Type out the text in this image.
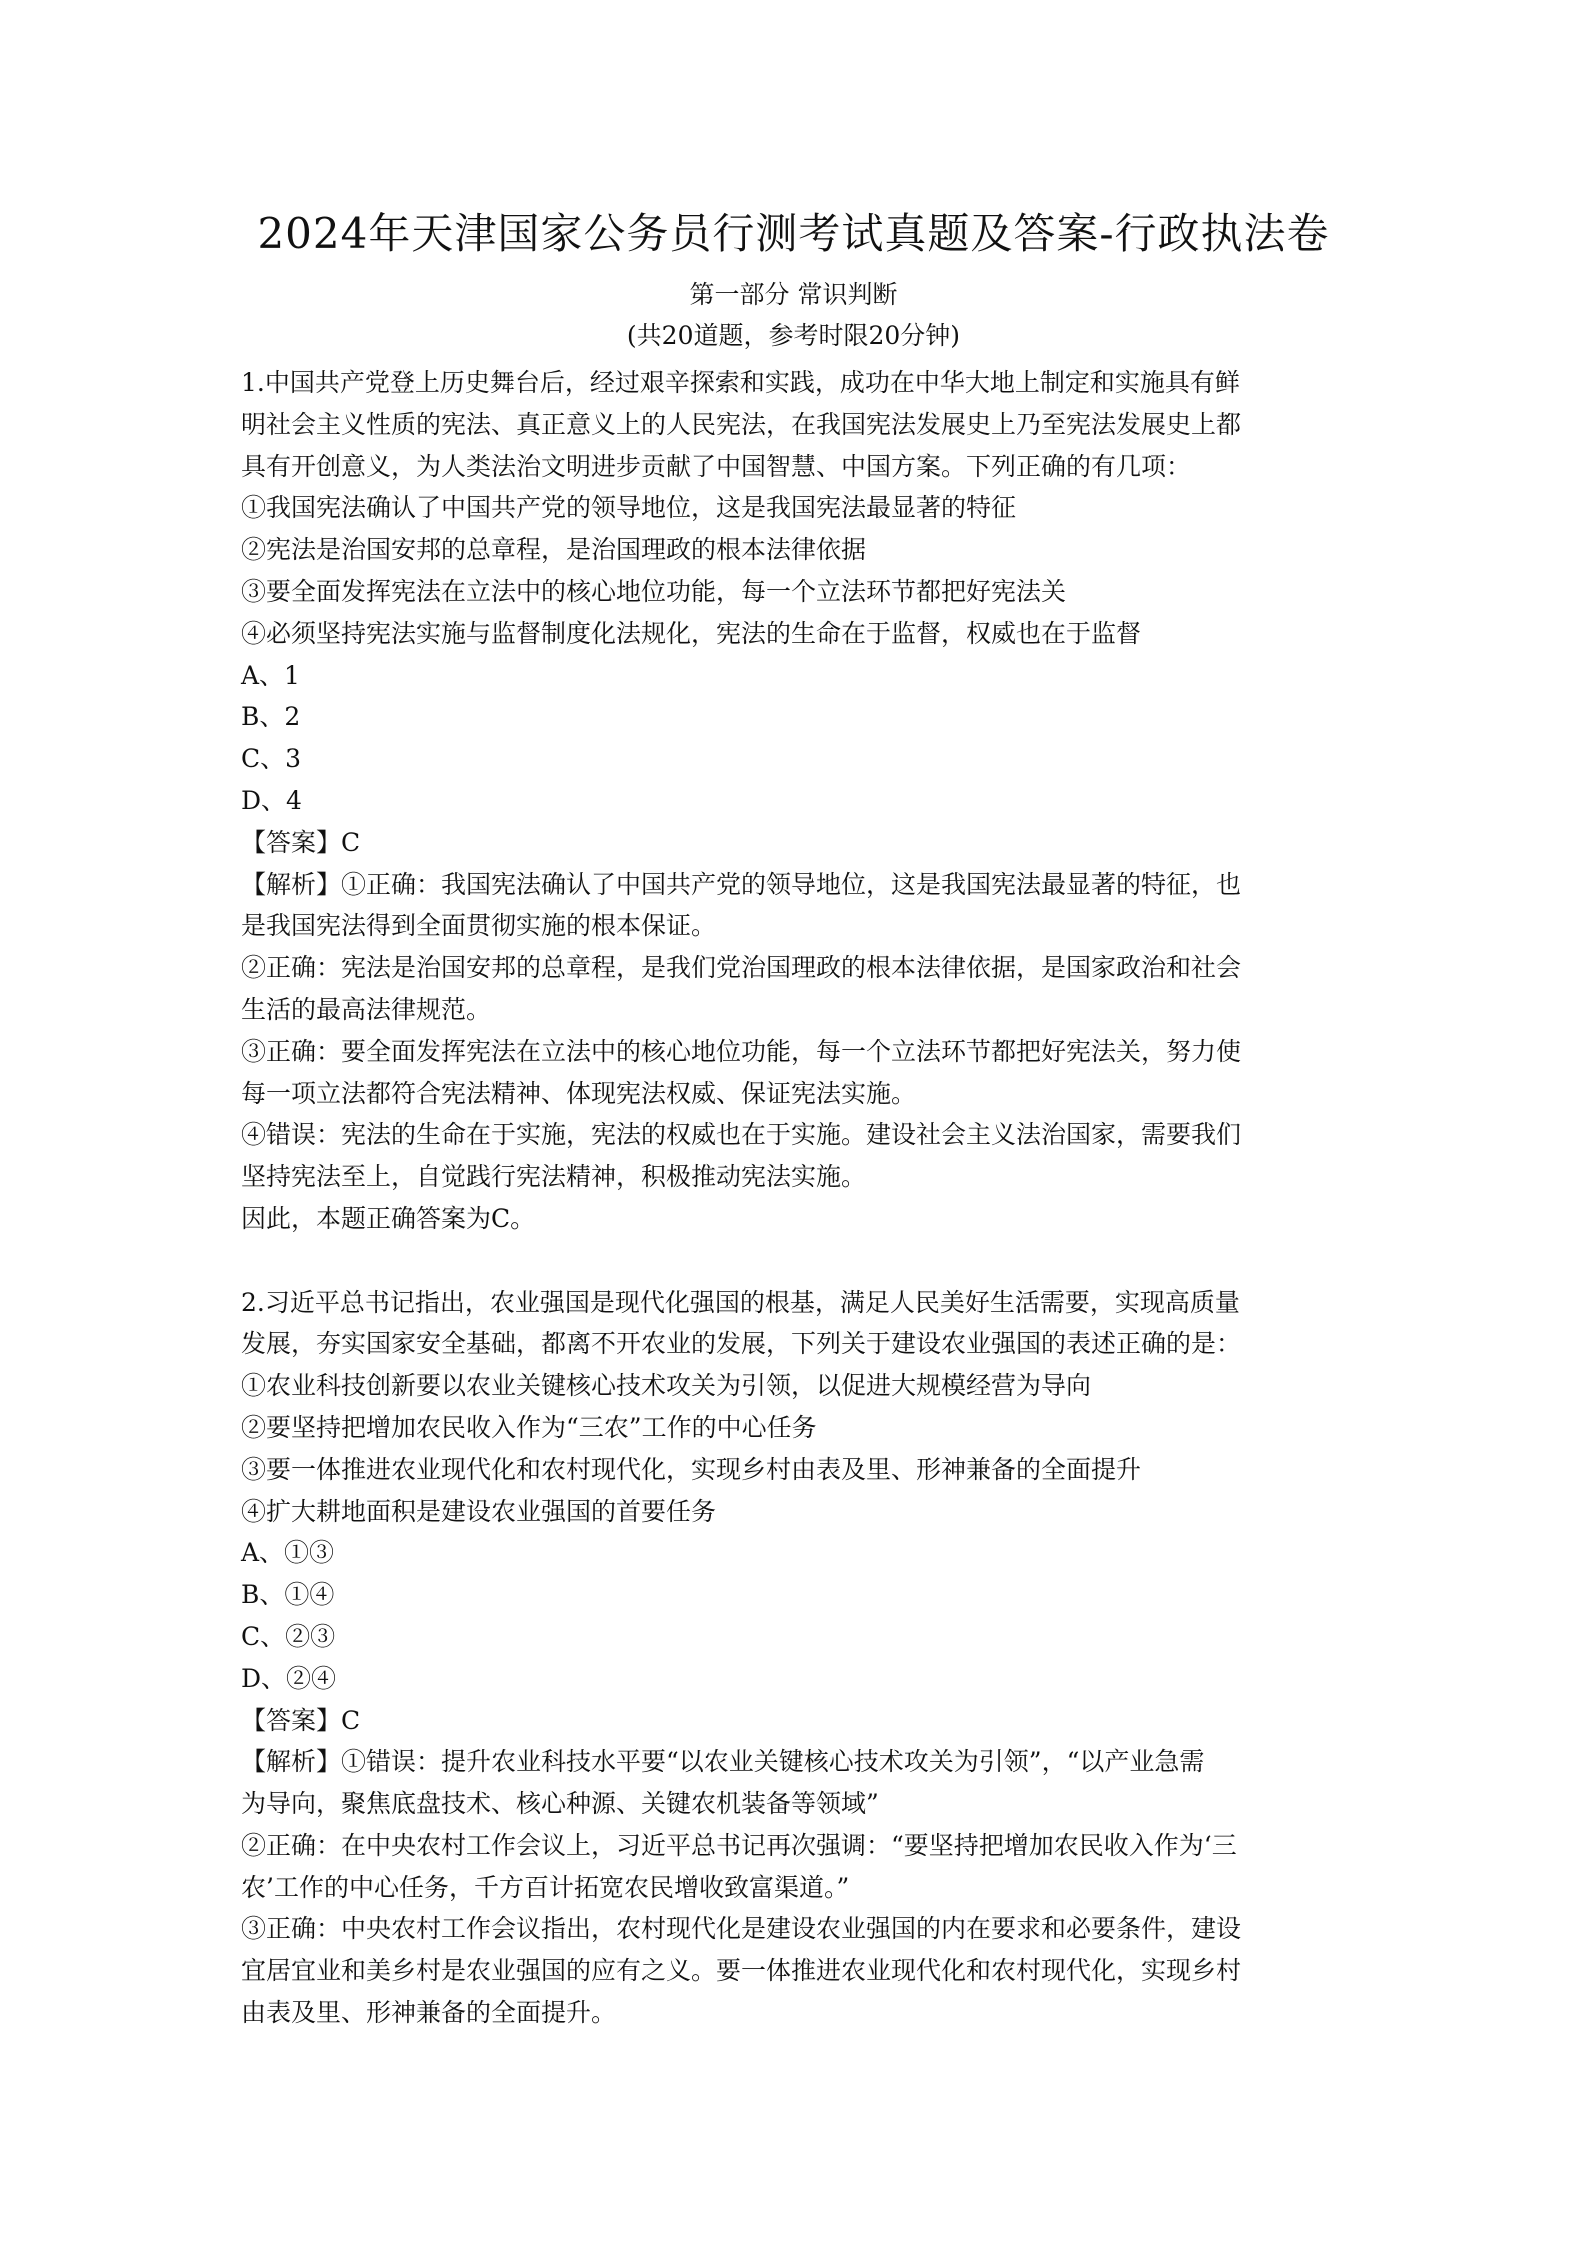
2024年天津国家公务员行测考试真题及答案-行政执法卷
第一部分 常识判断
(共20道题，参考时限20分钟)
1.中国共产党登上历史舞台后，经过艰辛探索和实践，成功在中华大地上制定和实施具有鲜
明社会主义性质的宪法、真正意义上的人民宪法，在我国宪法发展史上乃至宪法发展史上都
具有开创意义，为人类法治文明进步贡献了中国智慧、中国方案。下列正确的有几项：
①我国宪法确认了中国共产党的领导地位，这是我国宪法最显著的特征
②宪法是治国安邦的总章程，是治国理政的根本法律依据
③要全面发挥宪法在立法中的核心地位功能，每一个立法环节都把好宪法关
④必须坚持宪法实施与监督制度化法规化，宪法的生命在于监督，权威也在于监督
A、1
B、2
C、3
D、4
【答案】C
【解析】①正确：我国宪法确认了中国共产党的领导地位，这是我国宪法最显著的特征，也
是我国宪法得到全面贯彻实施的根本保证。
②正确：宪法是治国安邦的总章程，是我们党治国理政的根本法律依据，是国家政治和社会
生活的最高法律规范。
③正确：要全面发挥宪法在立法中的核心地位功能，每一个立法环节都把好宪法关，努力使
每一项立法都符合宪法精神、体现宪法权威、保证宪法实施。
④错误：宪法的生命在于实施，宪法的权威也在于实施。建设社会主义法治国家，需要我们
坚持宪法至上，自觉践行宪法精神，积极推动宪法实施。
因此，本题正确答案为C。
2.习近平总书记指出，农业强国是现代化强国的根基，满足人民美好生活需要，实现高质量
发展，夯实国家安全基础，都离不开农业的发展，下列关于建设农业强国的表述正确的是：
①农业科技创新要以农业关键核心技术攻关为引领，以促进大规模经营为导向
②要坚持把增加农民收入作为“三农”工作的中心任务
③要一体推进农业现代化和农村现代化，实现乡村由表及里、形神兼备的全面提升
④扩大耕地面积是建设农业强国的首要任务
A、①③
B、①④
C、②③
D、②④
【答案】C
【解析】①错误：提升农业科技水平要“以农业关键核心技术攻关为引领”，“以产业急需
为导向，聚焦底盘技术、核心种源、关键农机装备等领域”
②正确：在中央农村工作会议上，习近平总书记再次强调：“要坚持把增加农民收入作为‘三
农’工作的中心任务，千方百计拓宽农民增收致富渠道。”
③正确：中央农村工作会议指出，农村现代化是建设农业强国的内在要求和必要条件，建设
宜居宜业和美乡村是农业强国的应有之义。要一体推进农业现代化和农村现代化，实现乡村
由表及里、形神兼备的全面提升。
